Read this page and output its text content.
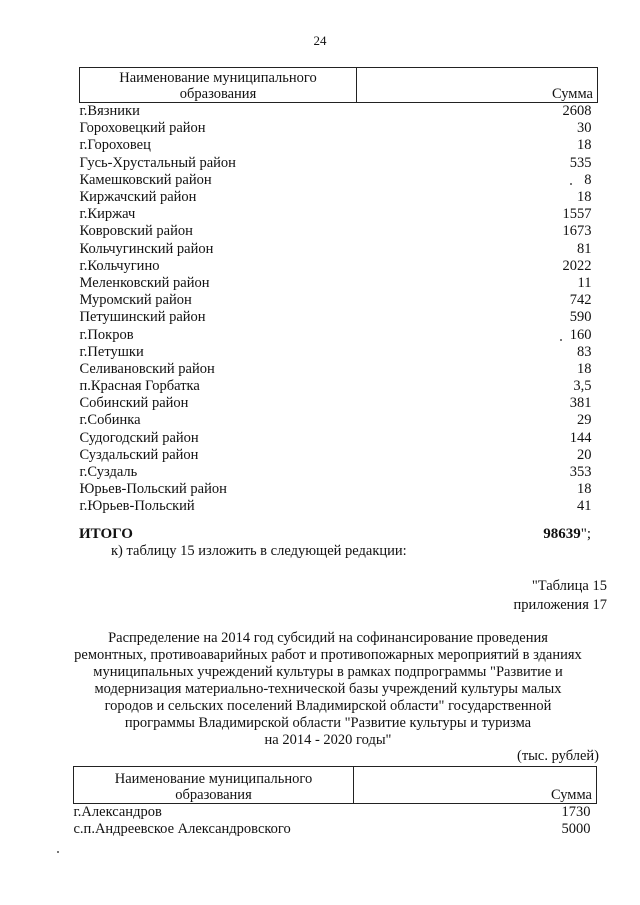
24
Наименование муниципального
образования	Сумма
г.Вязники	2608
Гороховецкий район	30
г.Гороховец	18
Гусь-Хрустальный район	535
Камешковский район	8
Киржачский район	18
г.Киржач	1557
Ковровский район	1673
Кольчугинский район	81
г.Кольчугино	2022
Меленковский район	11
Муромский район	742
Петушинский район	590
г.Покров	160
г.Петушки	83
Селивановский район	18
п.Красная Горбатка	3,5
Собинский район	381
г.Собинка	29
Судогодский район	144
Суздальский район	20
г.Суздаль	353
Юрьев-Польский район	18
г.Юрьев-Польский	41
ИТОГО	98639";
к) таблицу 15 изложить в следующей редакции:
"Таблица 15
приложения 17
Распределение на 2014 год субсидий на софинансирование проведения
ремонтных, противоаварийных работ и противопожарных мероприятий в зданиях
муниципальных учреждений культуры в рамках подпрограммы "Развитие и
модернизация материально-технической базы учреждений культуры малых
городов и сельских поселений Владимирской области" государственной
программы Владимирской области "Развитие культуры и туризма
на 2014 - 2020 годы"
(тыс. рублей)
Наименование муниципального
образования	Сумма
г.Александров	1730
с.п.Андреевское Александровского	5000
